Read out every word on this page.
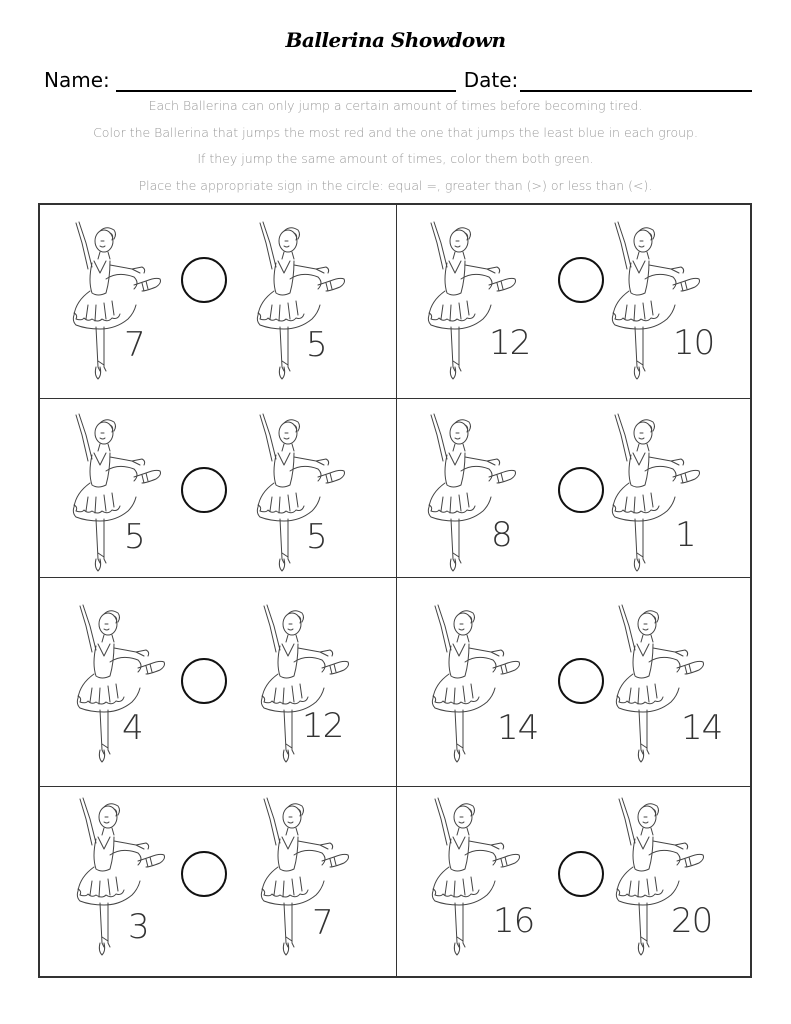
Ballerina Showdown
Name:	Date:
Each Ballerina can only jump a certain amount of times before becoming tired.
Color the Ballerina that jumps the most red and the one that jumps the least blue in each group.
If they jump the same amount of times, color them both green.
Place the appropriate sign in the circle: equal =, greater than (>) or less than (<).
7	5	12	10
5	5	8	1
4	12	14	14
3	7	16	20
